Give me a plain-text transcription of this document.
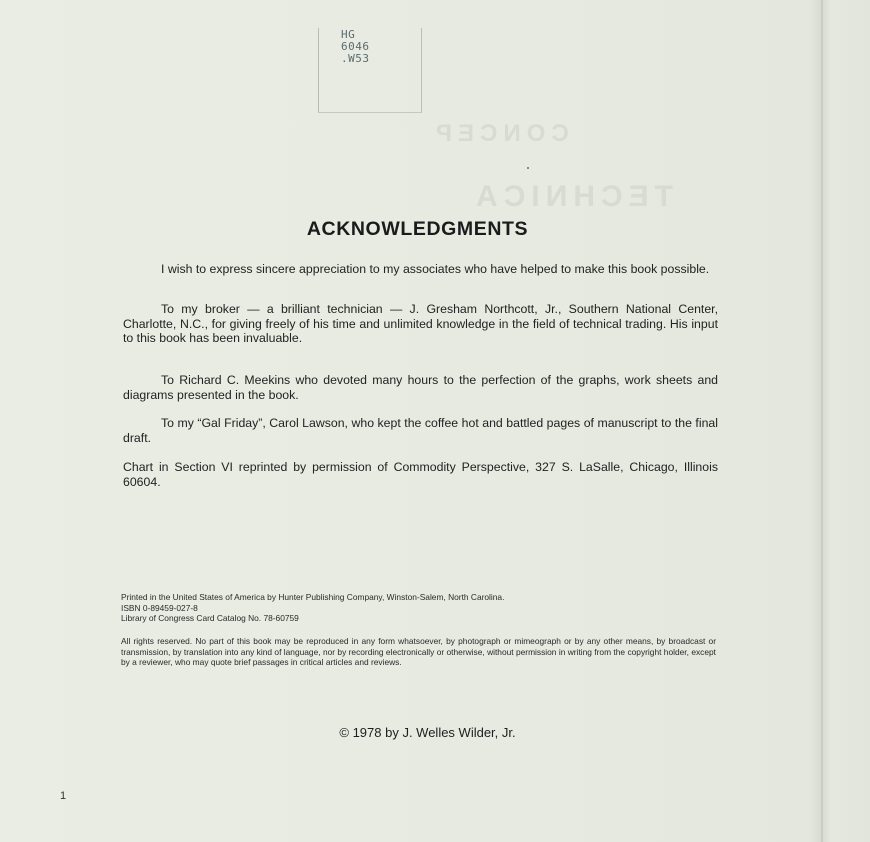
CONCEP
TECHNICA
HG
6046
.W53
ACKNOWLEDGMENTS

I wish to express sincere appreciation to my associates who have helped to make this book possible.

To my broker — a brilliant technician — J. Gresham Northcott, Jr., Southern National Center, Charlotte, N.C., for giving freely of his time and unlimited knowledge in the field of technical trading. His input to this book has been invaluable.

To Richard C. Meekins who devoted many hours to the perfection of the graphs, work sheets and diagrams presented in the book.

To my “Gal Friday”, Carol Lawson, who kept the coffee hot and battled pages of manuscript to the final draft.

Chart in Section VI reprinted by permission of Commodity Perspective, 327 S. LaSalle, Chicago, Illinois 60604.

Printed in the United States of America by Hunter Publishing Company, Winston-Salem, North Carolina.
ISBN 0-89459-027-8
Library of Congress Card Catalog No. 78-60759
All rights reserved. No part of this book may be reproduced in any form whatsoever, by photograph or mimeograph or by any other means, by broadcast or transmission, by translation into any kind of language, nor by recording electronically or otherwise, without permission in writing from the copyright holder, except by a reviewer, who may quote brief passages in critical articles and reviews.
© 1978 by J. Welles Wilder, Jr.
1
